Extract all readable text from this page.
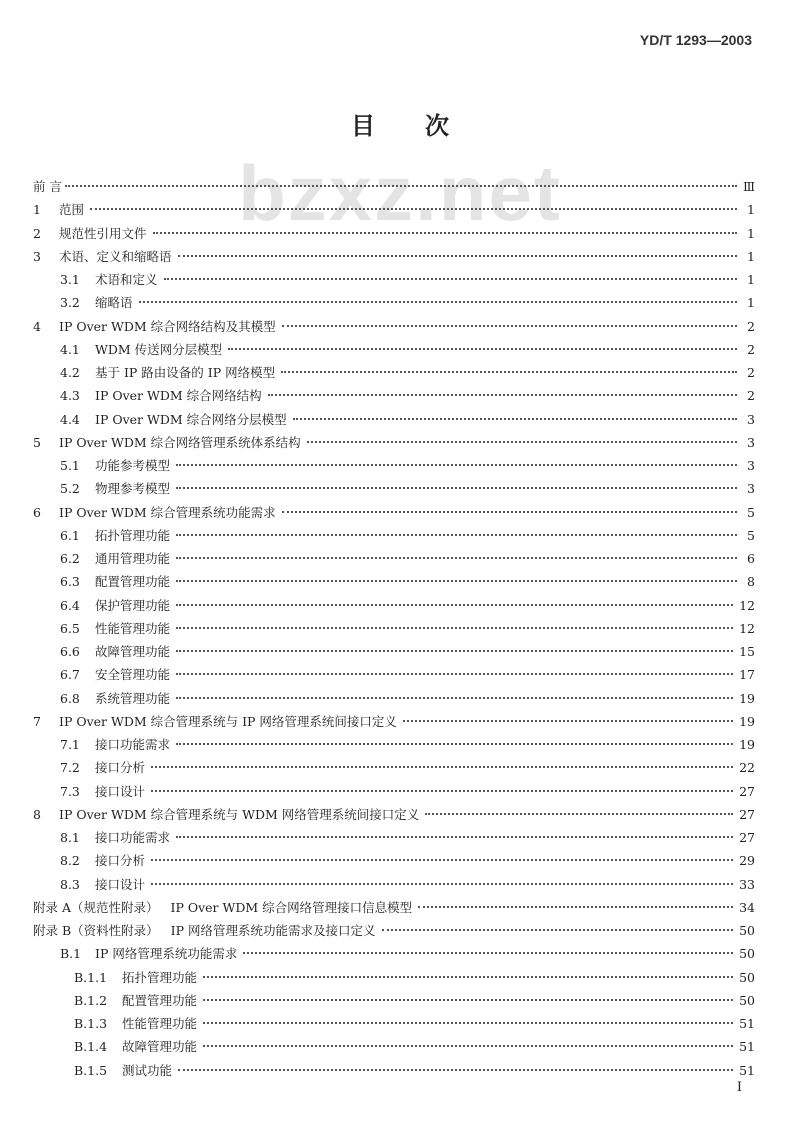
YD/T 1293—2003
bzxz.net
目次
前 言	Ⅲ
1	范围	1
2	规范性引用文件	1
3	术语、定义和缩略语	1
3.1	术语和定义	1
3.2	缩略语	1
4	IP Over WDM 综合网络结构及其模型	2
4.1	WDM 传送网分层模型	2
4.2	基于 IP 路由设备的 IP 网络模型	2
4.3	IP Over WDM 综合网络结构	2
4.4	IP Over WDM 综合网络分层模型	3
5	IP Over WDM 综合网络管理系统体系结构	3
5.1	功能参考模型	3
5.2	物理参考模型	3
6	IP Over WDM 综合管理系统功能需求	5
6.1	拓扑管理功能	5
6.2	通用管理功能	6
6.3	配置管理功能	8
6.4	保护管理功能	12
6.5	性能管理功能	12
6.6	故障管理功能	15
6.7	安全管理功能	17
6.8	系统管理功能	19
7	IP Over WDM 综合管理系统与 IP 网络管理系统间接口定义	19
7.1	接口功能需求	19
7.2	接口分析	22
7.3	接口设计	27
8	IP Over WDM 综合管理系统与 WDM 网络管理系统间接口定义	27
8.1	接口功能需求	27
8.2	接口分析	29
8.3	接口设计	33
附录 A（规范性附录） IP Over WDM 综合网络管理接口信息模型	34
附录 B（资料性附录） IP 网络管理系统功能需求及接口定义	50
B.1	IP 网络管理系统功能需求	50
B.1.1	拓扑管理功能	50
B.1.2	配置管理功能	50
B.1.3	性能管理功能	51
B.1.4	故障管理功能	51
B.1.5	测试功能	51
I
